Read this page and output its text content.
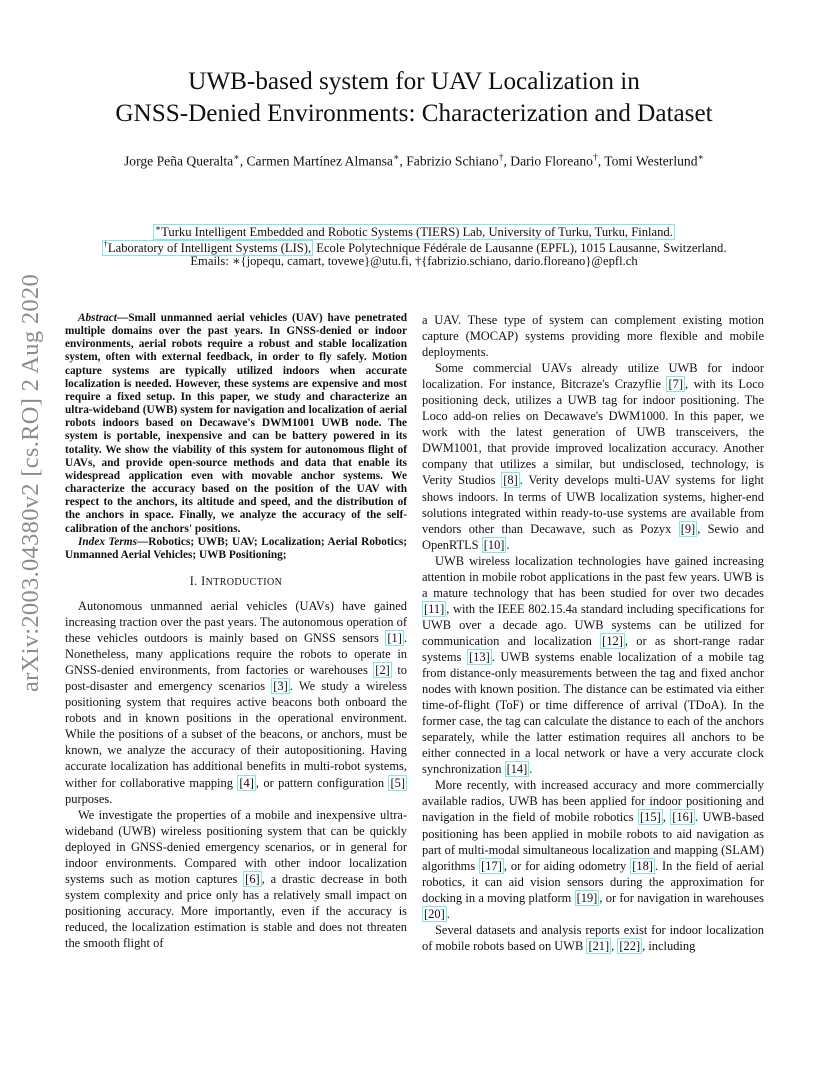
arXiv:2003.04380v2 [cs.RO] 2 Aug 2020
UWB-based system for UAV Localization in
GNSS-Denied Environments: Characterization and Dataset
Jorge Peña Queralta∗, Carmen Martínez Almansa∗, Fabrizio Schiano†, Dario Floreano†, Tomi Westerlund∗
∗Turku Intelligent Embedded and Robotic Systems (TIERS) Lab, University of Turku, Turku, Finland.
†Laboratory of Intelligent Systems (LIS), Ecole Polytechnique Fédérale de Lausanne (EPFL), 1015 Lausanne, Switzerland.
Emails: ∗{jopequ, camart, tovewe}@utu.fi, †{fabrizio.schiano, dario.floreano}@epfl.ch

Abstract—Small unmanned aerial vehicles (UAV) have penetrated multiple domains over the past years. In GNSS-denied or indoor environments, aerial robots require a robust and stable localization system, often with external feedback, in order to fly safely. Motion capture systems are typically utilized indoors when accurate localization is needed. However, these systems are expensive and most require a fixed setup. In this paper, we study and characterize an ultra-wideband (UWB) system for navigation and localization of aerial robots indoors based on Decawave's DWM1001 UWB node. The system is portable, inexpensive and can be battery powered in its totality. We show the viability of this system for autonomous flight of UAVs, and provide open-source methods and data that enable its widespread application even with movable anchor systems. We characterize the accuracy based on the position of the UAV with respect to the anchors, its altitude and speed, and the distribution of the anchors in space. Finally, we analyze the accuracy of the self-calibration of the anchors' positions.

Index Terms—Robotics; UWB; UAV; Localization; Aerial Robotics; Unmanned Aerial Vehicles; UWB Positioning;

I. INTRODUCTION

Autonomous unmanned aerial vehicles (UAVs) have gained increasing traction over the past years. The autonomous operation of these vehicles outdoors is mainly based on GNSS sensors [1] . Nonetheless, many applications require the robots to operate in GNSS-denied environments, from factories or warehouses [2] to post-disaster and emergency scenarios [3] . We study a wireless positioning system that requires active beacons both onboard the robots and in known positions in the operational environment. While the positions of a subset of the beacons, or anchors, must be known, we analyze the accuracy of their autopositioning. Having accurate localization has additional benefits in multi-robot systems, wither for collaborative mapping [4] , or pattern configuration [5] purposes.

We investigate the properties of a mobile and inexpensive ultra-wideband (UWB) wireless positioning system that can be quickly deployed in GNSS-denied emergency scenarios, or in general for indoor environments. Compared with other indoor localization systems such as motion captures [6] , a drastic decrease in both system complexity and price only has a relatively small impact on positioning accuracy. More importantly, even if the accuracy is reduced, the localization estimation is stable and does not threaten the smooth flight of

a UAV. These type of system can complement existing motion capture (MOCAP) systems providing more flexible and mobile deployments.

Some commercial UAVs already utilize UWB for indoor localization. For instance, Bitcraze's Crazyflie [7] , with its Loco positioning deck, utilizes a UWB tag for indoor positioning. The Loco add-on relies on Decawave's DWM1000. In this paper, we work with the latest generation of UWB transceivers, the DWM1001, that provide improved localization accuracy. Another company that utilizes a similar, but undisclosed, technology, is Verity Studios [8] . Verity develops multi-UAV systems for light shows indoors. In terms of UWB localization systems, higher-end solutions integrated within ready-to-use systems are available from vendors other than Decawave, such as Pozyx [9] , Sewio and OpenRTLS [10] .

UWB wireless localization technologies have gained increasing attention in mobile robot applications in the past few years. UWB is a mature technology that has been studied for over two decades [11] , with the IEEE 802.15.4a standard including specifications for UWB over a decade ago. UWB systems can be utilized for communication and localization [12] , or as short-range radar systems [13] . UWB systems enable localization of a mobile tag from distance-only measurements between the tag and fixed anchor nodes with known position. The distance can be estimated via either time-of-flight (ToF) or time difference of arrival (TDoA). In the former case, the tag can calculate the distance to each of the anchors separately, while the latter estimation requires all anchors to be either connected in a local network or have a very accurate clock synchronization [14] .

More recently, with increased accuracy and more commercially available radios, UWB has been applied for indoor positioning and navigation in the field of mobile robotics [15] , [16] . UWB-based positioning has been applied in mobile robots to aid navigation as part of multi-modal simultaneous localization and mapping (SLAM) algorithms [17] , or for aiding odometry [18] . In the field of aerial robotics, it can aid vision sensors during the approximation for docking in a moving platform [19] , or for navigation in warehouses [20] .

Several datasets and analysis reports exist for indoor localization of mobile robots based on UWB [21] , [22] , including
